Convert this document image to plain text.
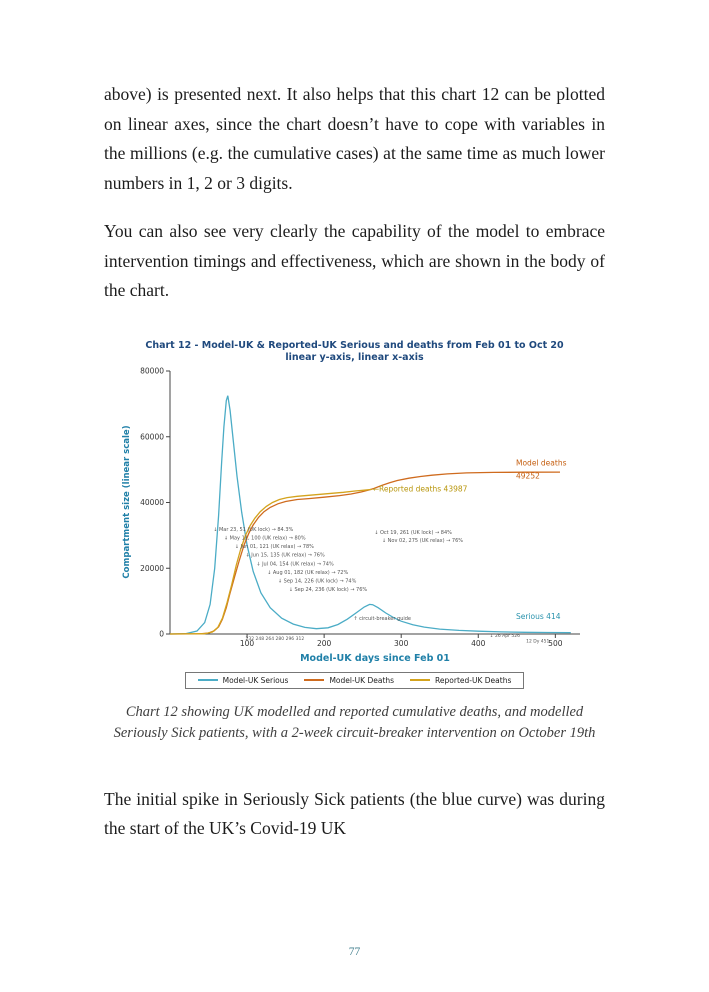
above) is presented next. It also helps that this chart 12 can be plotted on linear axes, since the chart doesn’t have to cope with variables in the millions (e.g. the cumulative cases) at the same time as much lower numbers in 1, 2 or 3 digits.

You can also see very clearly the capability of the model to embrace intervention timings and effectiveness, which are shown in the body of the chart.

Chart 12 - Model-UK & Reported-UK Serious and deaths from Feb 01 to Oct 20
linear y-axis, linear x-axis
0
20000
40000
60000
80000
100	200	300	400	500
Model deaths
49252
←Reported deaths 43987
Serious 414
↓ Mar 23, 51 (UK lock) → 84.3%
↓ May 11, 100 (UK relax) → 80%
↓ Jun 01, 121 (UK relax) → 78%
↓ Jun 15, 135 (UK relax) → 76%
↓ Jul 04, 154 (UK relax) → 74%
↓ Aug 01, 182 (UK relax) → 72%
↓ Sep 14, 226 (UK lock) → 74%
↓ Sep 24, 236 (UK lock) → 76%
↓ Oct 19, 261 (UK lock) → 84%
↓ Nov 02, 275 (UK relax) → 76%
↑ circuit-breaker guide
232 248 264 280 296 312
↓ 26 Apr 526
12 Dy 451
Compartment size (linear scale)
Model-UK days since Feb 01
Model-UK Serious	Model-UK Deaths	Reported-UK Deaths
Chart 12 showing UK modelled and reported cumulative deaths, and modelled Seriously Sick patients, with a 2-week circuit-breaker intervention on October 19th

The initial spike in Seriously Sick patients (the blue curve) was during the start of the UK’s Covid-19 UK

77
